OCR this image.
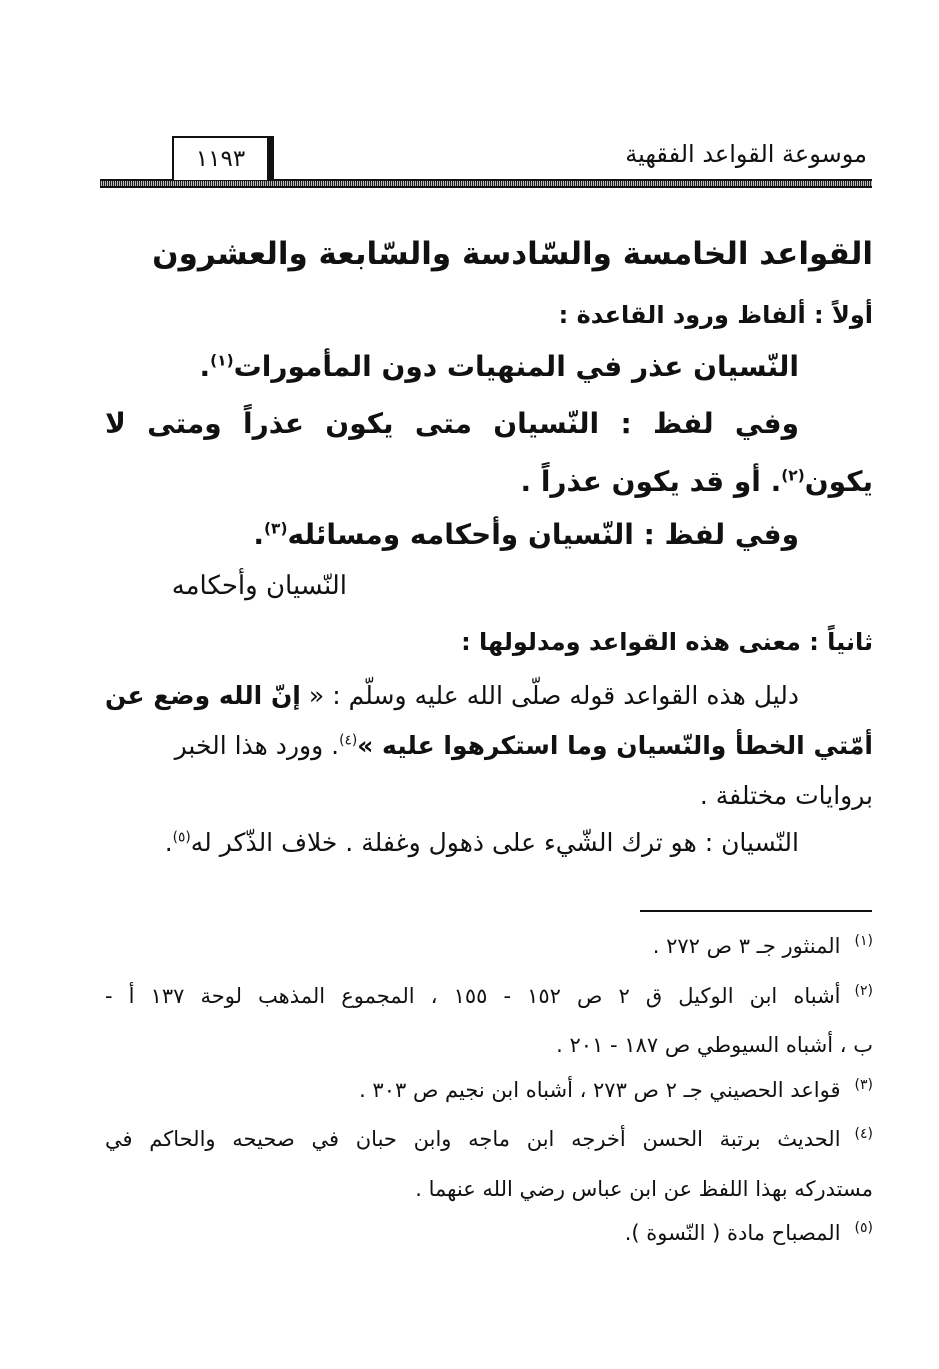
موسوعة القواعد الفقهية
١١٩٣
القواعد الخامسة والسّادسة والسّابعة والعشرون
أولاً : ألفاظ ورود القاعدة :
النّسيان عذر في المنهيات دون المأمورات$^{(١)}$.
وفي لفظ : النّسيان متى يكون عذراً ومتى لا
يكون$^{(٢)}$. أو قد يكون عذراً .
وفي لفظ : النّسيان وأحكامه ومسائله$^{(٣)}$.
النّسيان وأحكامه
ثانياً : معنى هذه القواعد ومدلولها :
دليل هذه القواعد قوله صلّى الله عليه وسلّم : « إنّ الله وضع عن
أمّتي الخطأ والنّسيان وما استكرهوا عليه »$^{(٤)}$. وورد هذا الخبر
بروايات مختلفة .
النّسيان : هو ترك الشّيء على ذهول وغفلة . خلاف الذّكر له$^{(٥)}$.
$^{(١)}$المنثور جـ ٣ ص ٢٧٢ .
$^{(٢)}$أشباه ابن الوكيل ق ٢ ص ١٥٢ - ١٥٥ ، المجموع المذهب لوحة ١٣٧ أ -
ب ، أشباه السيوطي ص ١٨٧ - ٢٠١ .
$^{(٣)}$قواعد الحصيني جـ ٢ ص ٢٧٣ ، أشباه ابن نجيم ص ٣٠٣ .
$^{(٤)}$الحديث برتبة الحسن أخرجه ابن ماجه وابن حبان في صحيحه والحاكم في
مستدركه بهذا اللفظ عن ابن عباس رضي الله عنهما .
$^{(٥)}$المصباح مادة ( النّسوة ).
